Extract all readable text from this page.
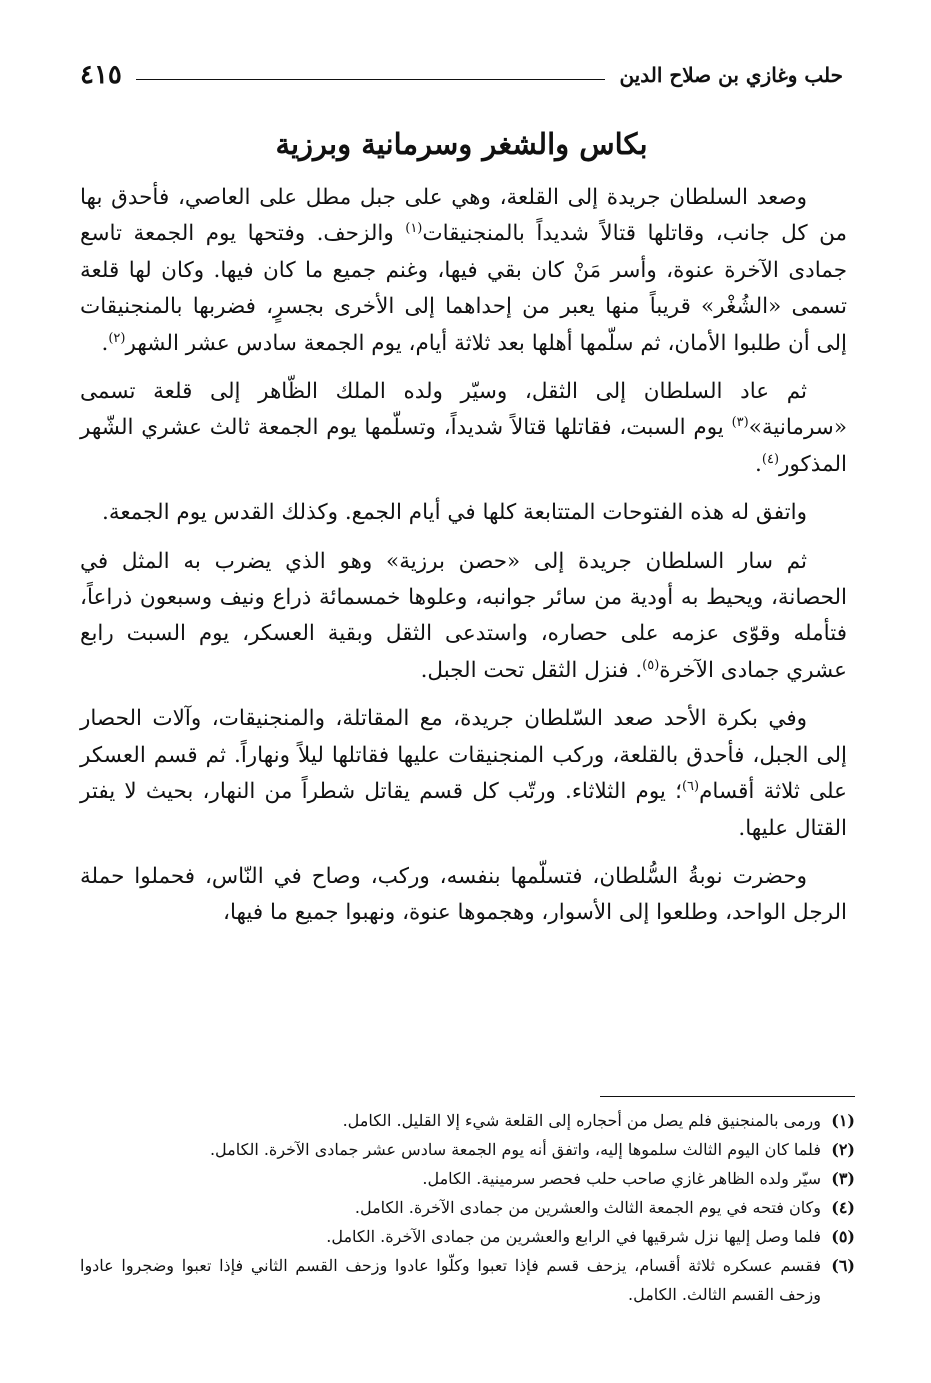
حلب وغازي بن صلاح الدين
٤١٥
بكاس والشغر وسرمانية وبرزية

وصعد السلطان جريدة إلى القلعة، وهي على جبل مطل على العاصي، فأحدق بها من كل جانب، وقاتلها قتالاً شديداً بالمنجنيقات$^{(١)}$ والزحف. وفتحها يوم الجمعة تاسع جمادى الآخرة عنوة، وأسر مَنْ كان بقي فيها، وغنم جميع ما كان فيها. وكان لها قلعة تسمى «الشُغْر» قريباً منها يعبر من إحداهما إلى الأخرى بجسرٍ، فضربها بالمنجنيقات إلى أن طلبوا الأمان، ثم سلّمها أهلها بعد ثلاثة أيام، يوم الجمعة سادس عشر الشهر$^{(٢)}$.

ثم عاد السلطان إلى الثقل، وسيّر ولده الملك الظّاهر إلى قلعة تسمى «سرمانية»$^{(٣)}$ يوم السبت، فقاتلها قتالاً شديداً، وتسلّمها يوم الجمعة ثالث عشري الشّهر المذكور$^{(٤)}$.

واتفق له هذه الفتوحات المتتابعة كلها في أيام الجمع. وكذلك القدس يوم الجمعة.

ثم سار السلطان جريدة إلى «حصن برزية» وهو الذي يضرب به المثل في الحصانة، ويحيط به أودية من سائر جوانبه، وعلوها خمسمائة ذراع ونيف وسبعون ذراعاً، فتأمله وقوّى عزمه على حصاره، واستدعى الثقل وبقية العسكر، يوم السبت رابع عشري جمادى الآخرة$^{(٥)}$. فنزل الثقل تحت الجبل.

وفي بكرة الأحد صعد السّلطان جريدة، مع المقاتلة، والمنجنيقات، وآلات الحصار إلى الجبل، فأحدق بالقلعة، وركب المنجنيقات عليها فقاتلها ليلاً ونهاراً. ثم قسم العسكر على ثلاثة أقسام$^{(٦)}$؛ يوم الثلاثاء. ورتّب كل قسم يقاتل شطراً من النهار، بحيث لا يفتر القتال عليها.

وحضرت نوبةُ السُّلطان، فتسلّمها بنفسه، وركب، وصاح في النّاس، فحملوا حملة الرجل الواحد، وطلعوا إلى الأسوار، وهجموها عنوة، ونهبوا جميع ما فيها،

(١)
ورمى بالمنجنيق فلم يصل من أحجاره إلى القلعة شيء إلا القليل. الكامل.
(٢)
فلما كان اليوم الثالث سلموها إليه، واتفق أنه يوم الجمعة سادس عشر جمادى الآخرة. الكامل.
(٣)
سيّر ولده الظاهر غازي صاحب حلب فحصر سرمينية. الكامل.
(٤)
وكان فتحه في يوم الجمعة الثالث والعشرين من جمادى الآخرة. الكامل.
(٥)
فلما وصل إليها نزل شرقيها في الرابع والعشرين من جمادى الآخرة. الكامل.
(٦)
فقسم عسكره ثلاثة أقسام، يزحف قسم فإذا تعبوا وكلّوا عادوا وزحف القسم الثاني فإذا تعبوا وضجروا عادوا وزحف القسم الثالث. الكامل.
